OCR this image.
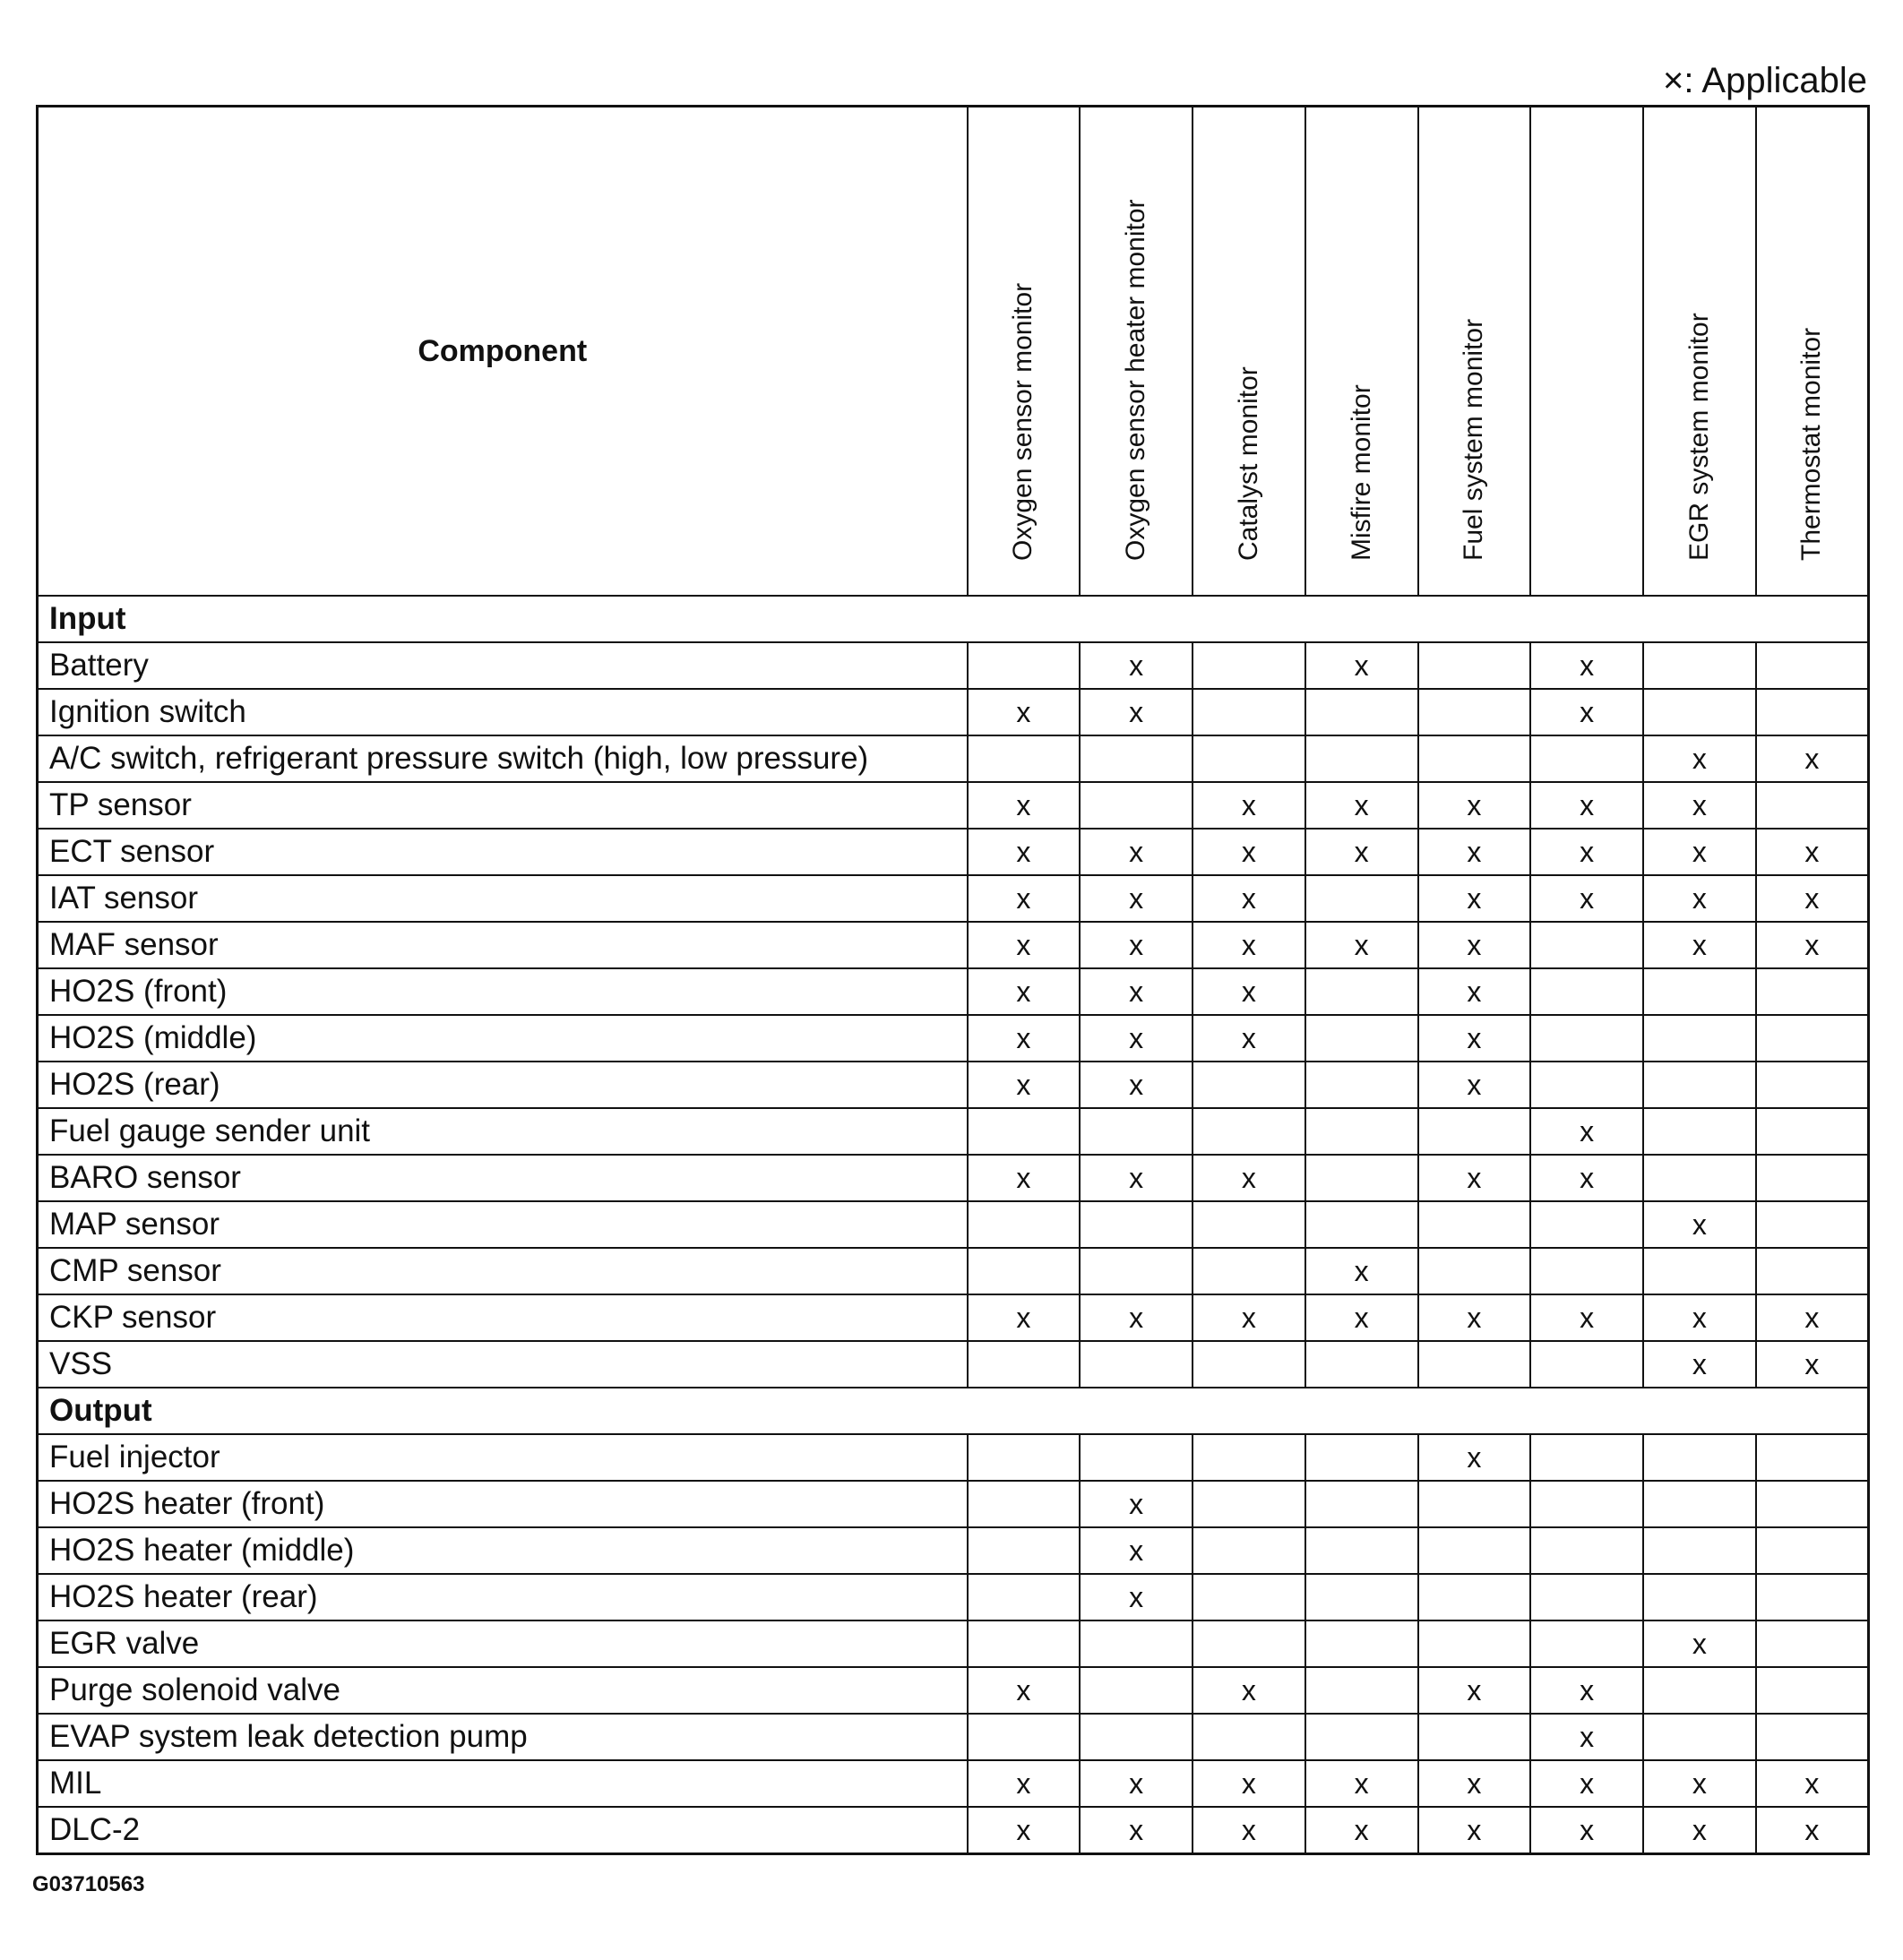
×: Applicable
Component	Oxygen sensor monitor	Oxygen sensor heater monitor	Catalyst monitor	Misfire monitor	Fuel system monitor		EGR system monitor	Thermostat monitor

Input								
Battery		x		x		x		
Ignition switch	x	x				x		
A/C switch, refrigerant pressure switch (high, low pressure)							x	x
TP sensor	x		x	x	x	x	x	
ECT sensor	x	x	x	x	x	x	x	x
IAT sensor	x	x	x		x	x	x	x
MAF sensor	x	x	x	x	x		x	x
HO2S (front)	x	x	x		x			
HO2S (middle)	x	x	x		x			
HO2S (rear)	x	x			x			
Fuel gauge sender unit						x		
BARO sensor	x	x	x		x	x		
MAP sensor							x	
CMP sensor				x				
CKP sensor	x	x	x	x	x	x	x	x
VSS							x	x
Output								
Fuel injector					x			
HO2S heater (front)		x						
HO2S heater (middle)		x						
HO2S heater (rear)		x						
EGR valve							x	
Purge solenoid valve	x		x		x	x		
EVAP system leak detection pump						x		
MIL	x	x	x	x	x	x	x	x
DLC-2	x	x	x	x	x	x	x	x
G03710563
